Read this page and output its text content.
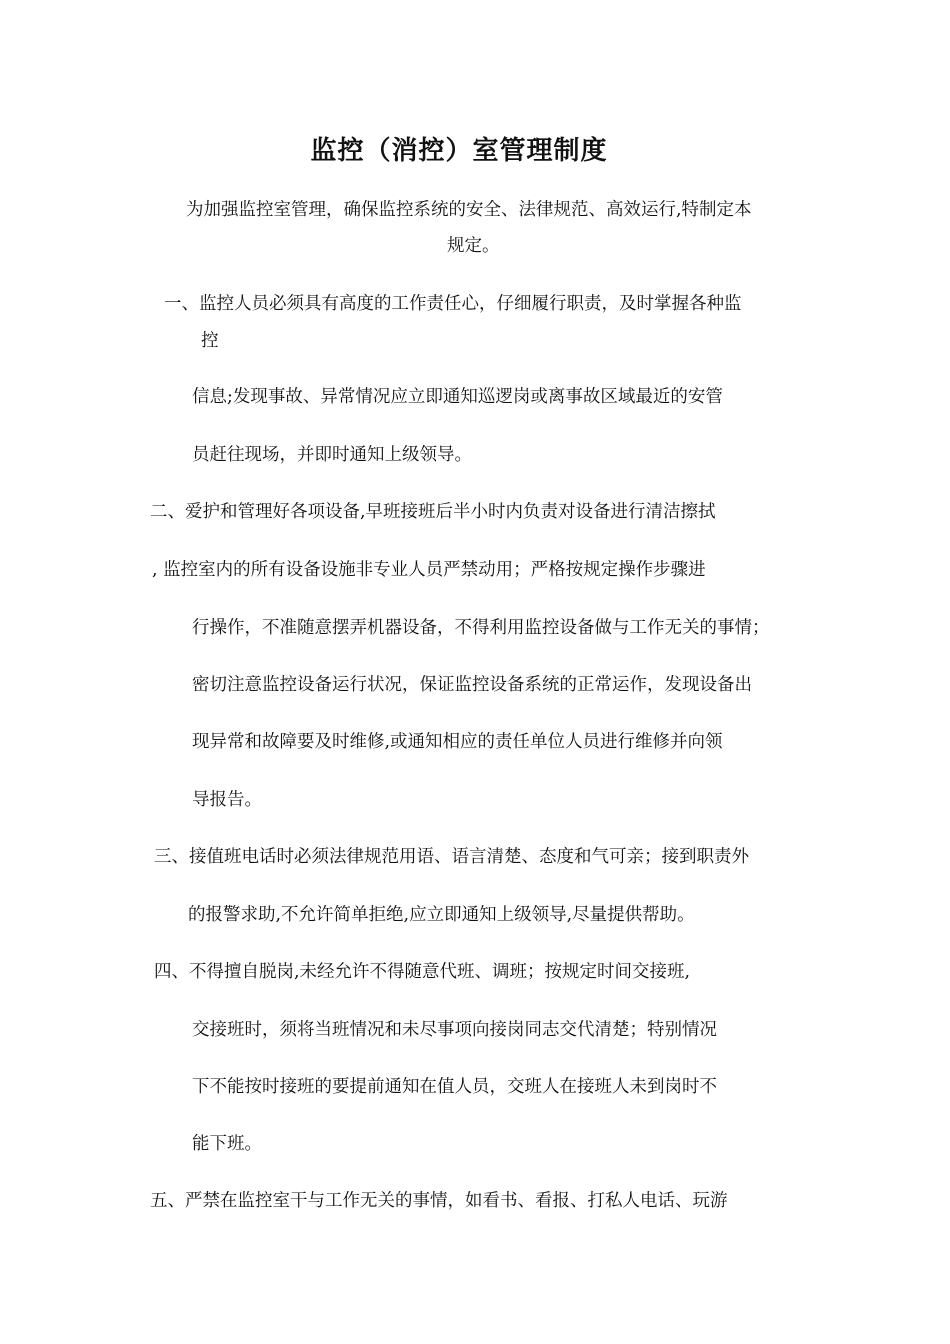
监控（消控）室管理制度

为加强监控室管理，确保监控系统的安全、法律规范、高效运行,特制定本

规定。

一、监控人员必须具有高度的工作责任心，仔细履行职责，及时掌握各种监

控

信息;发现事故、异常情况应立即通知巡逻岗或离事故区域最近的安管

员赶往现场，并即时通知上级领导。

二、爱护和管理好各项设备,早班接班后半小时内负责对设备进行清洁擦拭

, 监控室内的所有设备设施非专业人员严禁动用；严格按规定操作步骤进

行操作，不准随意摆弄机器设备，不得利用监控设备做与工作无关的事情；

密切注意监控设备运行状况，保证监控设备系统的正常运作，发现设备出

现异常和故障要及时维修,或通知相应的责任单位人员进行维修并向领

导报告。

三、接值班电话时必须法律规范用语、语言清楚、态度和气可亲；接到职责外

的报警求助,不允许简单拒绝,应立即通知上级领导,尽量提供帮助。

四、不得擅自脱岗,未经允许不得随意代班、调班；按规定时间交接班,

交接班时，须将当班情况和未尽事项向接岗同志交代清楚；特别情况

下不能按时接班的要提前通知在值人员，交班人在接班人未到岗时不

能下班。

五、严禁在监控室干与工作无关的事情，如看书、看报、打私人电话、玩游
